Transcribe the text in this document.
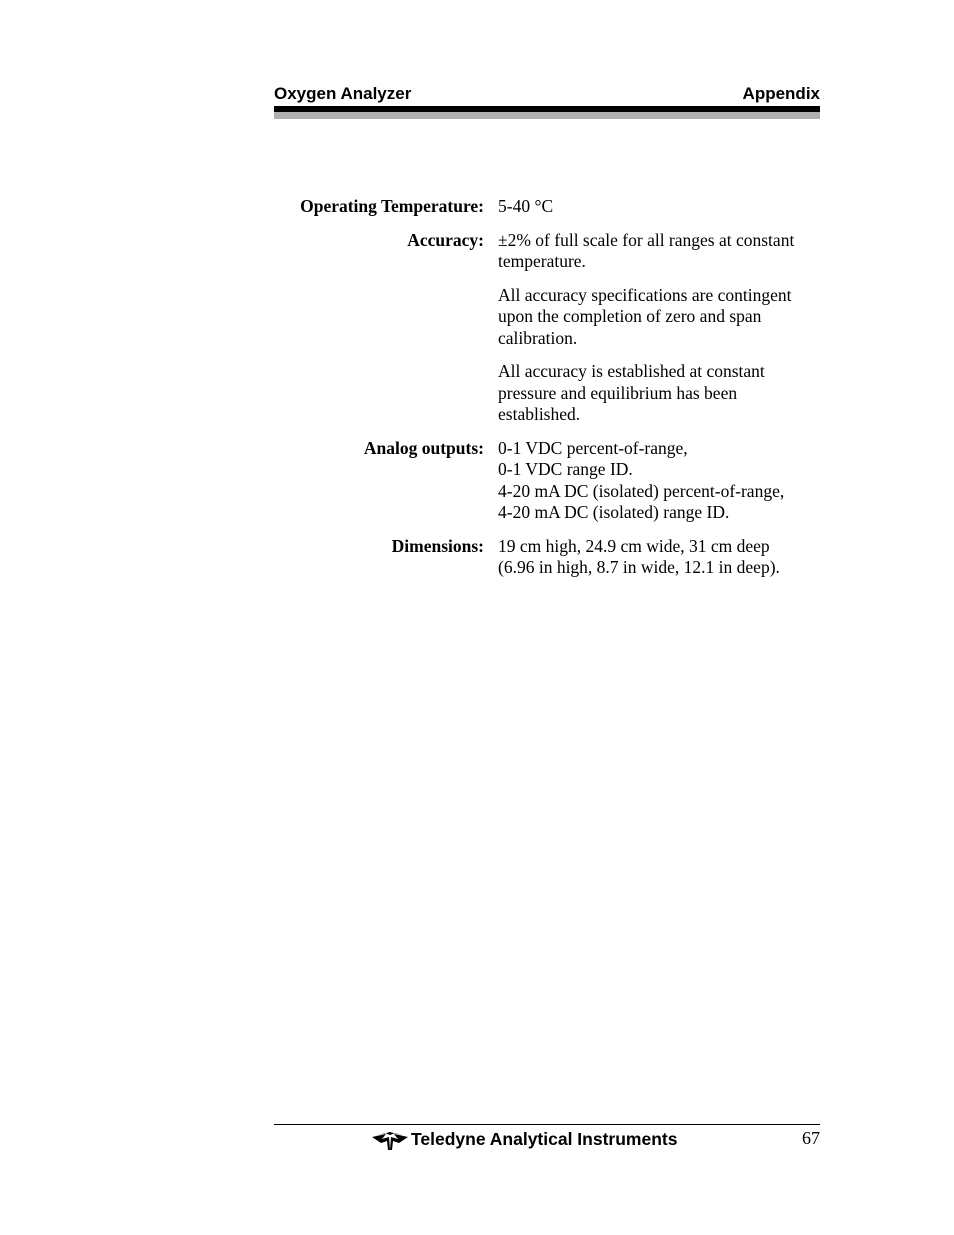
Oxygen Analyzer	Appendix
Operating Temperature: 5-40 °C
Accuracy: ±2% of full scale for all ranges at constant
temperature.
All accuracy specifications are contingent
upon the completion of zero and span
calibration.
All accuracy is established at constant
pressure and equilibrium has been
established.
Analog outputs: 0-1 VDC percent-of-range,
0-1 VDC range ID.
4-20 mA DC (isolated) percent-of-range,
4-20 mA DC (isolated) range ID.
Dimensions: 19 cm high, 24.9 cm wide, 31 cm deep
(6.96 in high, 8.7 in wide, 12.1 in deep).
Teledyne Analytical Instruments	67
